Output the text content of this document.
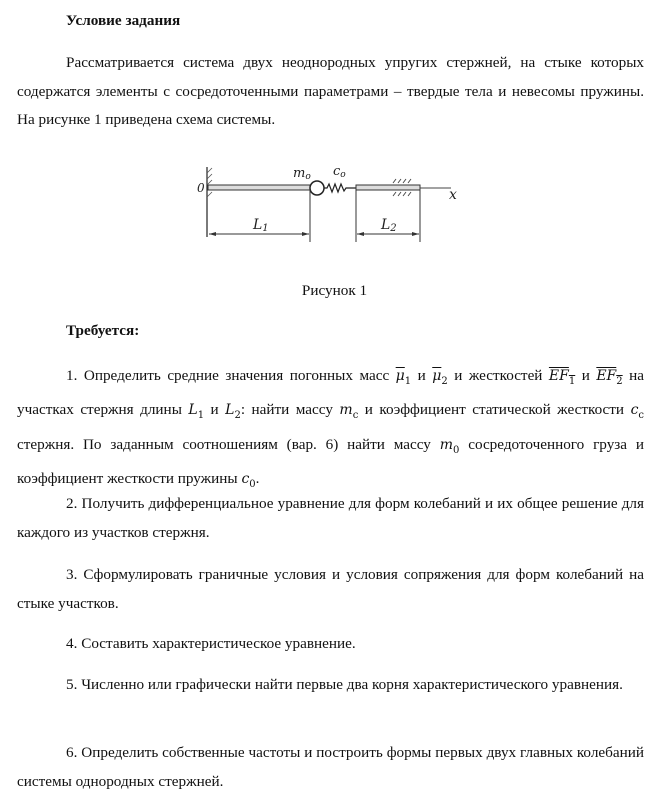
Условие задания
Рассматривается система двух неоднородных упругих стержней, на стыке которых содержатся элементы с сосредоточенными параметрами – твердые тела и невесомы пружины. На рисунке 1 приведена схема системы.
0
mo co
x
L1	L2
Рисунок 1
Требуется:
1. Определить средние значения погонных масс $\overline{\mu}_1$ и $\overline{\mu}_2$ и жесткостей $EF_1$ и $EF_2$ на участках стержня длины $L_1$ и $L_2$: найти массу $m_c$ и коэффициент статической жесткости $c_c$ стержня. По заданным соотношениям (вар. 6) найти массу $m_0$ сосредоточенного груза и коэффициент жесткости пружины $c_0$.
2. Получить дифференциальное уравнение для форм колебаний и их общее решение для каждого из участков стержня.
3. Сформулировать граничные условия и условия сопряжения для форм колебаний на стыке участков.
4. Составить характеристическое уравнение.
5. Численно или графически найти первые два корня характеристического уравнения.
6. Определить собственные частоты и построить формы первых двух главных колебаний системы однородных стержней.
